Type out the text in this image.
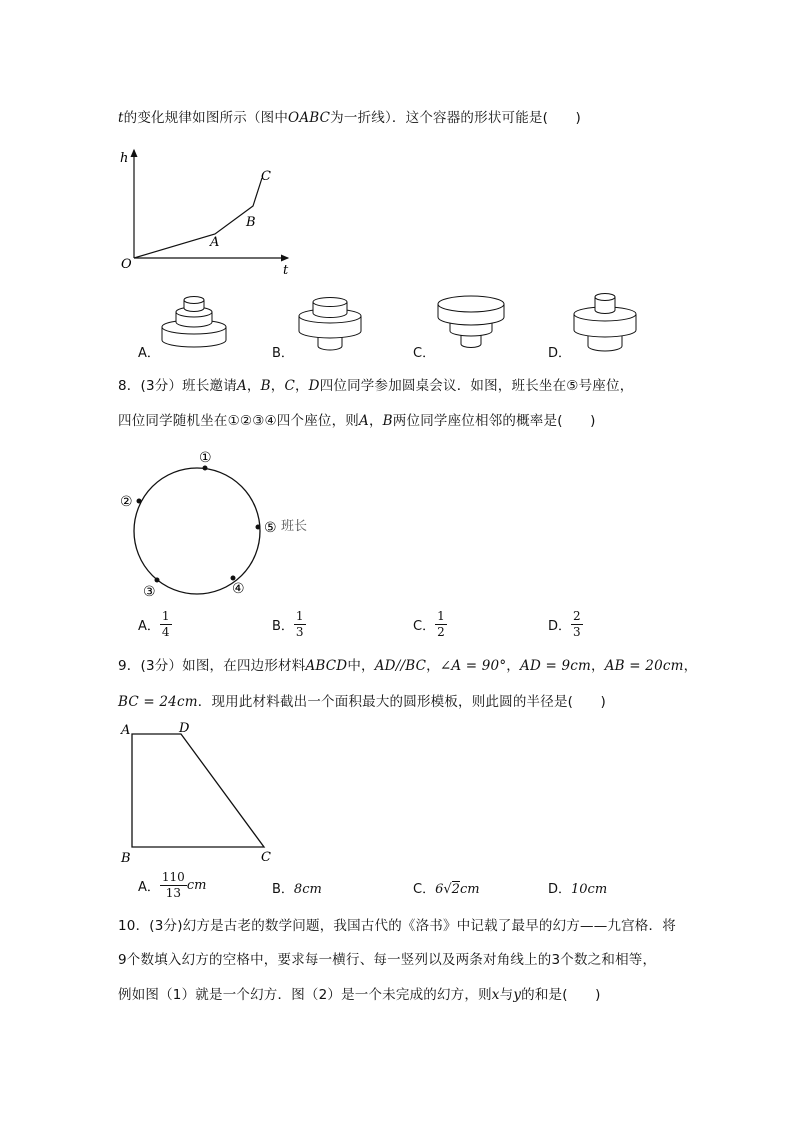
t的变化规律如图所示（图中OABC为一折线）．这个容器的形状可能是(　　)
h
O	t
A
B
C
A．	B．	C．	D．
8．(3分）班长邀请A，B，C，D四位同学参加圆桌会议．如图，班长坐在⑤号座位，
四位同学随机坐在①②③④四个座位，则A，B两位同学座位相邻的概率是(　　)
①
②
③	④
⑤ 班长
A． $\frac{1}{4}$	B． $\frac{1}{3}$	C． $\frac{1}{2}$	D． $\frac{2}{3}$
9．(3分）如图，在四边形材料ABCD中，AD//BC，∠A = 90°，AD = 9cm，AB = 20cm，
BC = 24cm．现用此材料截出一个面积最大的圆形模板，则此圆的半径是(　　)
A	D
B	C
A． $\frac{110}{13}$ cm	B．8cm	C．6√2cm	D．10cm
10．(3分)幻方是古老的数学问题，我国古代的《洛书》中记载了最早的幻方——九宫格．将
9个数填入幻方的空格中，要求每一横行、每一竖列以及两条对角线上的3个数之和相等，
例如图（1）就是一个幻方．图（2）是一个未完成的幻方，则x与y的和是(　　)
